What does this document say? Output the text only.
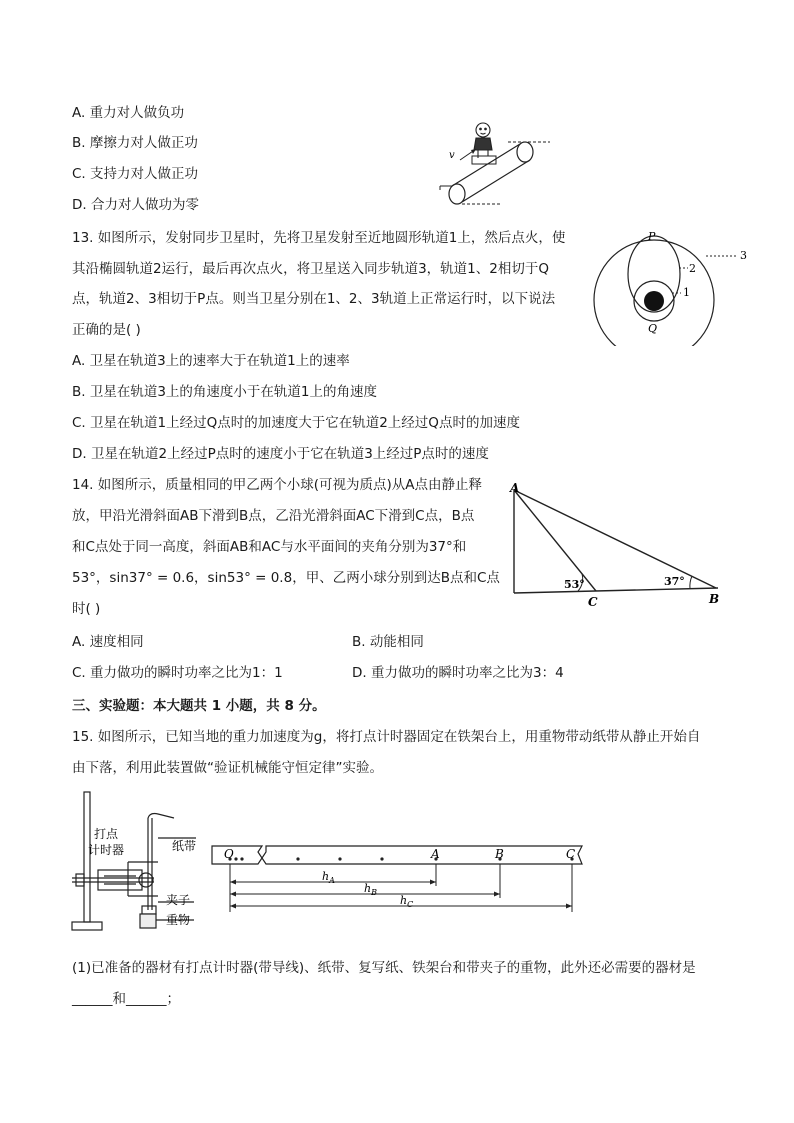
A. 重力对人做负功
B. 摩擦力对人做正功
C. 支持力对人做正功
D. 合力对人做功为零
v
13. 如图所示，发射同步卫星时，先将卫星发射至近地圆形轨道1上，然后点火，使
其沿椭圆轨道2运行，最后再次点火，将卫星送入同步轨道3，轨道1、2相切于Q
点，轨道2、3相切于P点。则当卫星分别在1、2、3轨道上正常运行时，以下说法
正确的是( )
A. 卫星在轨道3上的速率大于在轨道1上的速率
B. 卫星在轨道3上的角速度小于在轨道1上的角速度
C. 卫星在轨道1上经过Q点时的加速度大于它在轨道2上经过Q点时的加速度
D. 卫星在轨道2上经过P点时的速度小于它在轨道3上经过P点时的速度
P
Q
3
2
1
14. 如图所示，质量相同的甲乙两个小球(可视为质点)从A点由静止释
放，甲沿光滑斜面AB下滑到B点，乙沿光滑斜面AC下滑到C点，B点
和C点处于同一高度，斜面AB和AC与水平面间的夹角分别为37°和
53°，sin37° = 0.6，sin53° = 0.8，甲、乙两小球分别到达B点和C点
时( )
A. 速度相同	B. 动能相同
C. 重力做功的瞬时功率之比为1：1	D. 重力做功的瞬时功率之比为3：4
A
C	B
53°	37°
三、实验题：本大题共 1 小题，共 8 分。
15. 如图所示，已知当地的重力加速度为g，将打点计时器固定在铁架台上，用重物带动纸带从静止开始自
由下落，利用此装置做“验证机械能守恒定律”实验。
打点
计时器	纸带
夹子
重物
O	A	B	C
$h_A$
$h_B$
$h_C$
(1)已准备的器材有打点计时器(带导线)、纸带、复写纸、铁架台和带夹子的重物，此外还必需要的器材是
______和______；
